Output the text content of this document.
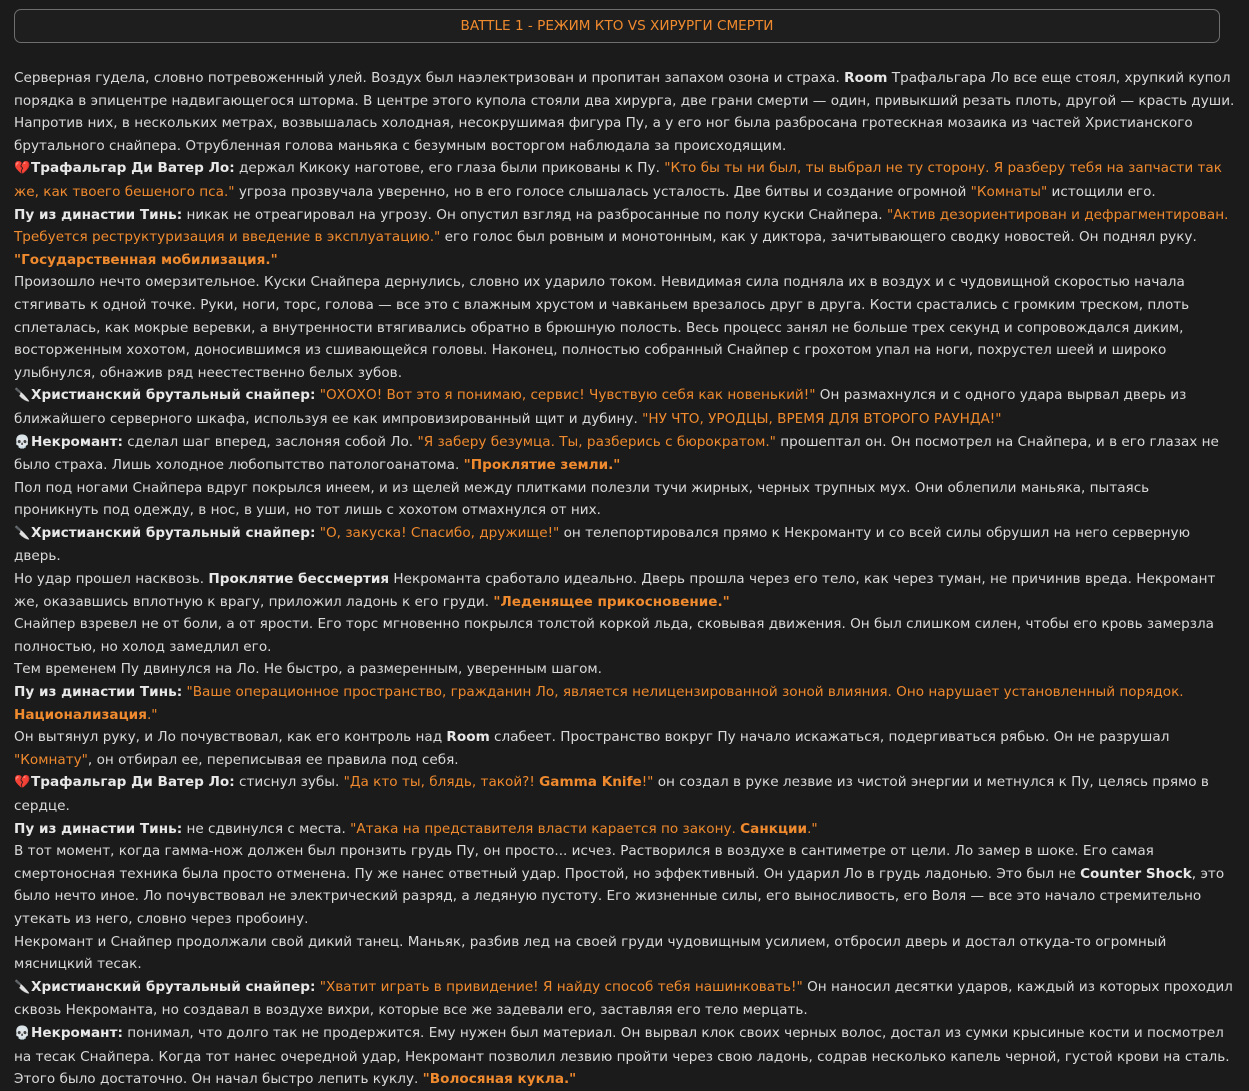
BATTLE 1 - РЕЖИМ КТО VS ХИРУРГИ СМЕРТИ

Серверная гудела, словно потревоженный улей. Воздух был наэлектризован и пропитан запахом озона и страха. Room Трафальгара Ло все еще стоял, хрупкий купол порядка в эпицентре надвигающегося шторма. В центре этого купола стояли два хирурга, две грани смерти — один, привыкший резать плоть, другой — красть души. Напротив них, в нескольких метрах, возвышалась холодная, несокрушимая фигура Пу, а у его ног была разбросана гротескная мозаика из частей Христианского брутального снайпера. Отрубленная голова маньяка с безумным восторгом наблюдала за происходящим.

💔Трафальгар Ди Ватер Ло: держал Кикоку наготове, его глаза были прикованы к Пу. "Кто бы ты ни был, ты выбрал не ту сторону. Я разберу тебя на запчасти так же, как твоего бешеного пса." угроза прозвучала уверенно, но в его голосе слышалась усталость. Две битвы и создание огромной "Комнаты" истощили его.

Пу из династии Тинь: никак не отреагировал на угрозу. Он опустил взгляд на разбросанные по полу куски Снайпера. "Актив дезориентирован и дефрагментирован. Требуется реструктуризация и введение в эксплуатацию." его голос был ровным и монотонным, как у диктора, зачитывающего сводку новостей. Он поднял руку. "Государственная мобилизация."

Произошло нечто омерзительное. Куски Снайпера дернулись, словно их ударило током. Невидимая сила подняла их в воздух и с чудовищной скоростью начала стягивать к одной точке. Руки, ноги, торс, голова — все это с влажным хрустом и чавканьем врезалось друг в друга. Кости срастались с громким треском, плоть сплеталась, как мокрые веревки, а внутренности втягивались обратно в брюшную полость. Весь процесс занял не больше трех секунд и сопровождался диким, восторженным хохотом, доносившимся из сшивающейся головы. Наконец, полностью собранный Снайпер с грохотом упал на ноги, похрустел шеей и широко улыбнулся, обнажив ряд неестественно белых зубов.

🔪Христианский брутальный снайпер: "ОХОХО! Вот это я понимаю, сервис! Чувствую себя как новенький!" Он размахнулся и с одного удара вырвал дверь из ближайшего серверного шкафа, используя ее как импровизированный щит и дубину. "НУ ЧТО, УРОДЦЫ, ВРЕМЯ ДЛЯ ВТОРОГО РАУНДА!"

💀Некромант: сделал шаг вперед, заслоняя собой Ло. "Я заберу безумца. Ты, разберись с бюрократом." прошептал он. Он посмотрел на Снайпера, и в его глазах не было страха. Лишь холодное любопытство патологоанатома. "Проклятие земли."

Пол под ногами Снайпера вдруг покрылся инеем, и из щелей между плитками полезли тучи жирных, черных трупных мух. Они облепили маньяка, пытаясь проникнуть под одежду, в нос, в уши, но тот лишь с хохотом отмахнулся от них.

🔪Христианский брутальный снайпер: "О, закуска! Спасибо, дружище!" он телепортировался прямо к Некроманту и со всей силы обрушил на него серверную дверь.

Но удар прошел насквозь. Проклятие бессмертия Некроманта сработало идеально. Дверь прошла через его тело, как через туман, не причинив вреда. Некромант же, оказавшись вплотную к врагу, приложил ладонь к его груди. "Леденящее прикосновение."

Снайпер взревел не от боли, а от ярости. Его торс мгновенно покрылся толстой коркой льда, сковывая движения. Он был слишком силен, чтобы его кровь замерзла полностью, но холод замедлил его.

Тем временем Пу двинулся на Ло. Не быстро, а размеренным, уверенным шагом.

Пу из династии Тинь: "Ваше операционное пространство, гражданин Ло, является нелицензированной зоной влияния. Оно нарушает установленный порядок. Национализация."

Он вытянул руку, и Ло почувствовал, как его контроль над Room слабеет. Пространство вокруг Пу начало искажаться, подергиваться рябью. Он не разрушал "Комнату", он отбирал ее, переписывая ее правила под себя.

💔Трафальгар Ди Ватер Ло: стиснул зубы. "Да кто ты, блядь, такой?! Gamma Knife!" он создал в руке лезвие из чистой энергии и метнулся к Пу, целясь прямо в сердце.

Пу из династии Тинь: не сдвинулся с места. "Атака на представителя власти карается по закону. Санкции."

В тот момент, когда гамма-нож должен был пронзить грудь Пу, он просто... исчез. Растворился в воздухе в сантиметре от цели. Ло замер в шоке. Его самая смертоносная техника была просто отменена. Пу же нанес ответный удар. Простой, но эффективный. Он ударил Ло в грудь ладонью. Это был не Counter Shock, это было нечто иное. Ло почувствовал не электрический разряд, а ледяную пустоту. Его жизненные силы, его выносливость, его Воля — все это начало стремительно утекать из него, словно через пробоину.

Некромант и Снайпер продолжали свой дикий танец. Маньяк, разбив лед на своей груди чудовищным усилием, отбросил дверь и достал откуда-то огромный мясницкий тесак.

🔪Христианский брутальный снайпер: "Хватит играть в привидение! Я найду способ тебя нашинковать!" Он наносил десятки ударов, каждый из которых проходил сквозь Некроманта, но создавал в воздухе вихри, которые все же задевали его, заставляя его тело мерцать.

💀Некромант: понимал, что долго так не продержится. Ему нужен был материал. Он вырвал клок своих черных волос, достал из сумки крысиные кости и посмотрел на тесак Снайпера. Когда тот нанес очередной удар, Некромант позволил лезвию пройти через свою ладонь, содрав несколько капель черной, густой крови на сталь. Этого было достаточно. Он начал быстро лепить куклу. "Волосяная кукла."
